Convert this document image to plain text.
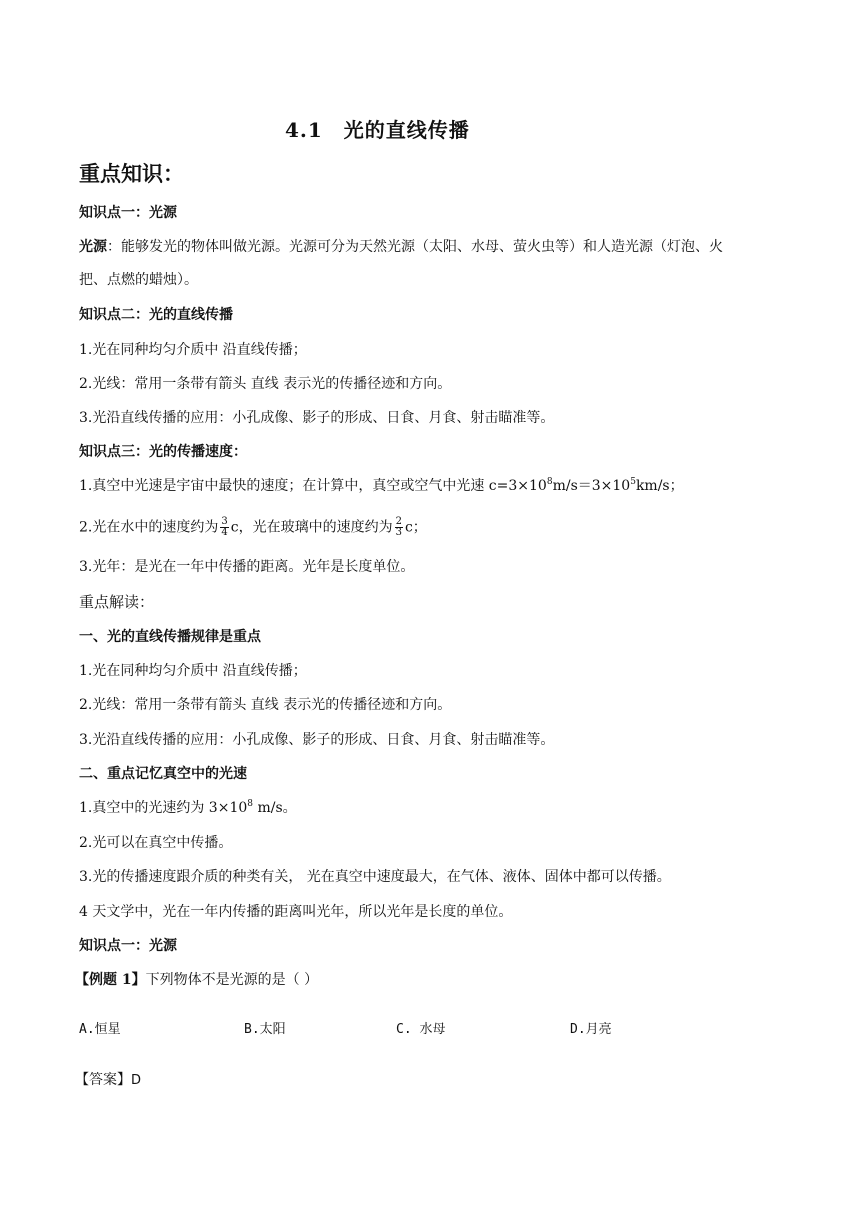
4.1　光的直线传播
重点知识：
知识点一：光源
光源：能够发光的物体叫做光源。光源可分为天然光源（太阳、水母、萤火虫等）和人造光源（灯泡、火
把、点燃的蜡烛）。
知识点二：光的直线传播
1.光在同种均匀介质中 沿直线传播；
2.光线：常用一条带有箭头 直线 表示光的传播径迹和方向。
3.光沿直线传播的应用：小孔成像、影子的形成、日食、月食、射击瞄准等。
知识点三：光的传播速度：
1.真空中光速是宇宙中最快的速度；在计算中，真空或空气中光速 $c=3\times 10^8m/s=3\times 10^5km/s$；
2.光在水中的速度约为 $\frac{3}{4}$ c，光在玻璃中的速度约为 $\frac{2}{3}$ c；
3.光年：是光在一年中传播的距离。光年是长度单位。
重点解读：
一、光的直线传播规律是重点
1.光在同种均匀介质中 沿直线传播；
2.光线：常用一条带有箭头 直线 表示光的传播径迹和方向。
3.光沿直线传播的应用：小孔成像、影子的形成、日食、月食、射击瞄准等。
二、重点记忆真空中的光速
1.真空中的光速约为 $3\times 10^8$ m/s。
2.光可以在真空中传播。
3.光的传播速度跟介质的种类有关， 光在真空中速度最大，在气体、液体、固体中都可以传播。
4 天文学中，光在一年内传播的距离叫光年，所以光年是长度的单位。
知识点一：光源
【例题 1】下列物体不是光源的是（ ）
A.恒星	B.太阳	C. 水母	D.月亮
【答案】D
